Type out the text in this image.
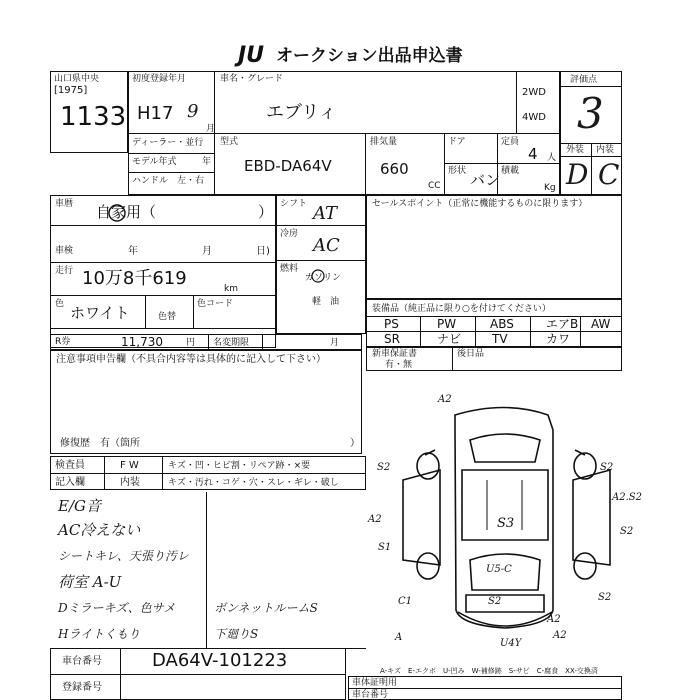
JU オークション出品申込書
山口県中央
[1975]
1133
初度登録年月
H17 9
月
ディーラー・並行
モデル年式	年
ハンドル　左・右
車名・グレード
エブリィ
2WD
4WD
型式
EBD-DA64V
排気量
660
CC
ドア	定員
4 人
形状 バン 積載
Kg
評価点
3
外装 内装
D C
車暦 自家用（	）
車検	年	月	日)
走行 10万8千619	km
色 ホワイト	色替
色コード
R券	11,730	円 名変期限	月
シフト AT
冷房
AC
燃料
ガソリン
軽　油
セールスポイント（正常に機能するものに限ります）
装備品（純正品に限り○を付けてください）
PS	PW	ABS	エアB AW
SR	ナビ	TV	カワ
新車保証書
有・無
後日品
注意事項申告欄（不具合内容等は具体的に記入して下さい）
修復歴　有（箇所	）
検査員	F W	キズ・凹・ヒビ割・リペア跡・×要
記入欄	内装	キズ・汚れ・コゲ・穴・スレ・ギレ・破し
E/G音
AC冷えない
シートキレ、天張り汚レ
荷室 A-U
Dミラーキズ、色サメ
Hライトくもり
ボンネットルームS
下廻りS
車台番号	DA64V-101223
登録番号
A2
S2	S2
A2.S2
A2
S2
S1
S3
U5-C
C1	S2	S2
A2
A2
U4Y
A
A-キズ　E-エクボ　U-凹み　W-補修跡　S-サビ　C-腐食　XX-交換済
車体証明用
車台番号
